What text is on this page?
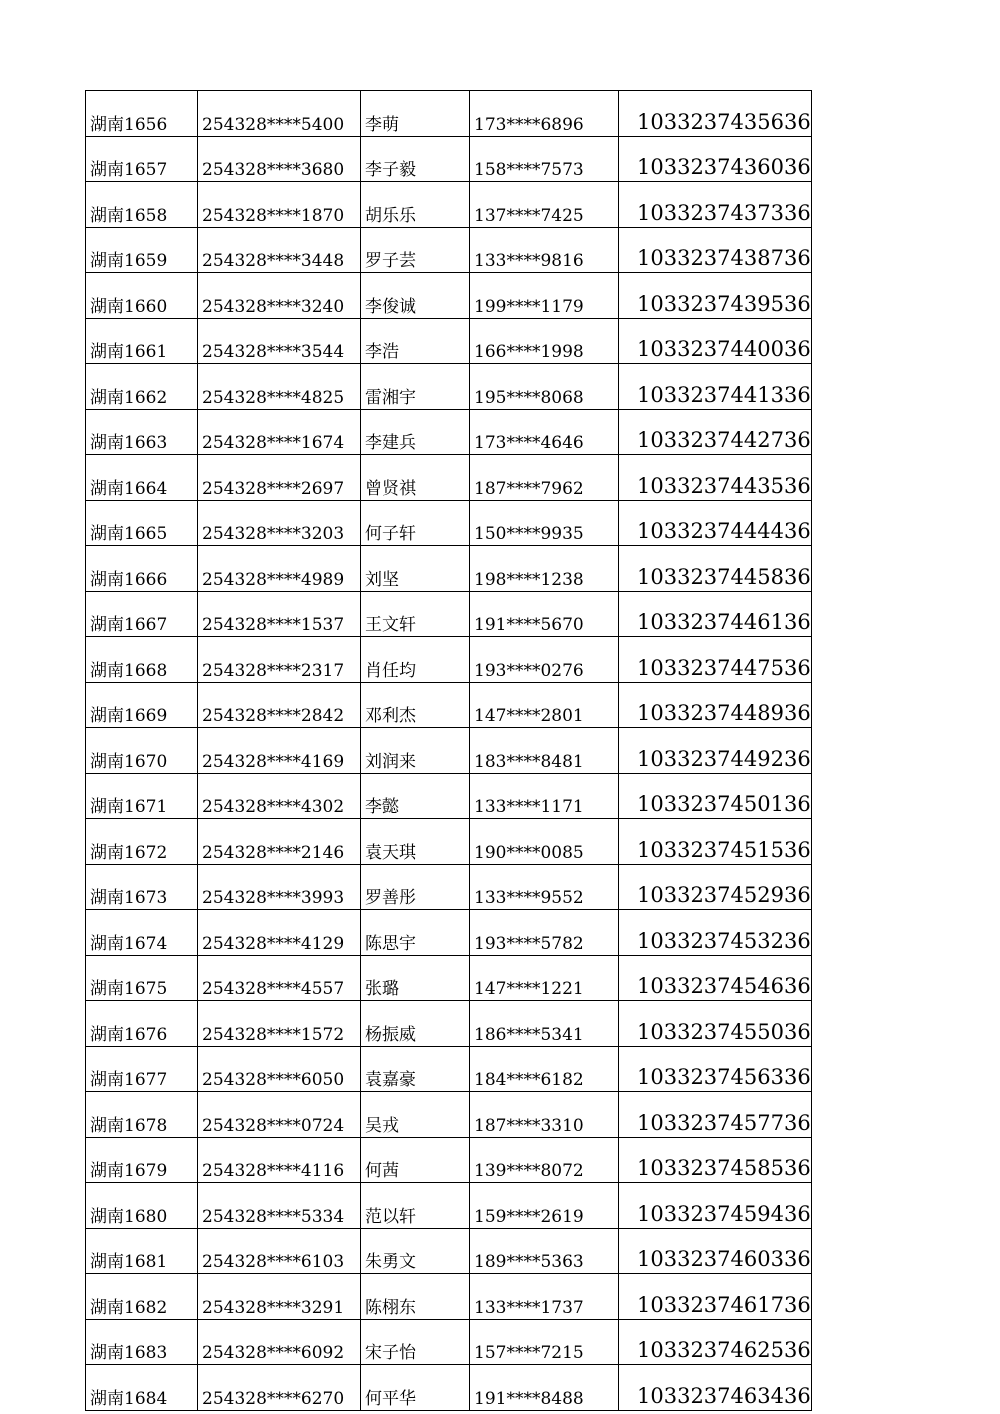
湖南1656	254328****5400	李萌	173****6896	1033237435636
湖南1657	254328****3680	李子毅	158****7573	1033237436036
湖南1658	254328****1870	胡乐乐	137****7425	1033237437336
湖南1659	254328****3448	罗子芸	133****9816	1033237438736
湖南1660	254328****3240	李俊诚	199****1179	1033237439536
湖南1661	254328****3544	李浩	166****1998	1033237440036
湖南1662	254328****4825	雷湘宇	195****8068	1033237441336
湖南1663	254328****1674	李建兵	173****4646	1033237442736
湖南1664	254328****2697	曾贤祺	187****7962	1033237443536
湖南1665	254328****3203	何子轩	150****9935	1033237444436
湖南1666	254328****4989	刘坚	198****1238	1033237445836
湖南1667	254328****1537	王文轩	191****5670	1033237446136
湖南1668	254328****2317	肖任均	193****0276	1033237447536
湖南1669	254328****2842	邓利杰	147****2801	1033237448936
湖南1670	254328****4169	刘润来	183****8481	1033237449236
湖南1671	254328****4302	李懿	133****1171	1033237450136
湖南1672	254328****2146	袁天琪	190****0085	1033237451536
湖南1673	254328****3993	罗善彤	133****9552	1033237452936
湖南1674	254328****4129	陈思宇	193****5782	1033237453236
湖南1675	254328****4557	张璐	147****1221	1033237454636
湖南1676	254328****1572	杨振威	186****5341	1033237455036
湖南1677	254328****6050	袁嘉豪	184****6182	1033237456336
湖南1678	254328****0724	吴戎	187****3310	1033237457736
湖南1679	254328****4116	何茜	139****8072	1033237458536
湖南1680	254328****5334	范以轩	159****2619	1033237459436
湖南1681	254328****6103	朱勇文	189****5363	1033237460336
湖南1682	254328****3291	陈栩东	133****1737	1033237461736
湖南1683	254328****6092	宋子怡	157****7215	1033237462536
湖南1684	254328****6270	何平华	191****8488	1033237463436
